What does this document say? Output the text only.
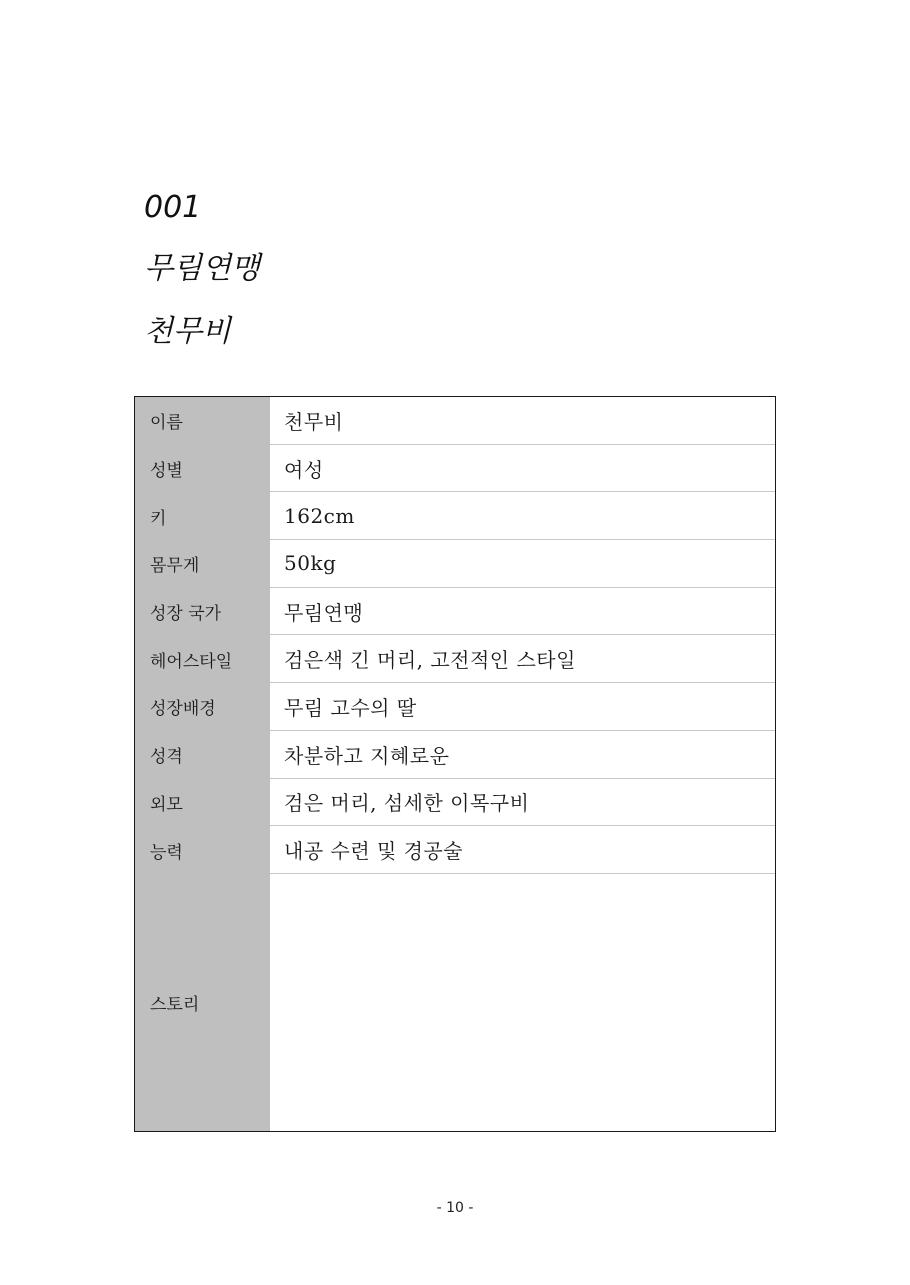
001
무림연맹
천무비
이름	천무비
성별	여성
키	162cm
몸무게	50kg
성장 국가	무림연맹
헤어스타일	검은색 긴 머리, 고전적인 스타일
성장배경	무림 고수의 딸
성격	차분하고 지혜로운
외모	검은 머리, 섬세한 이목구비
능력	내공 수련 및 경공술
스토리
- 10 -
